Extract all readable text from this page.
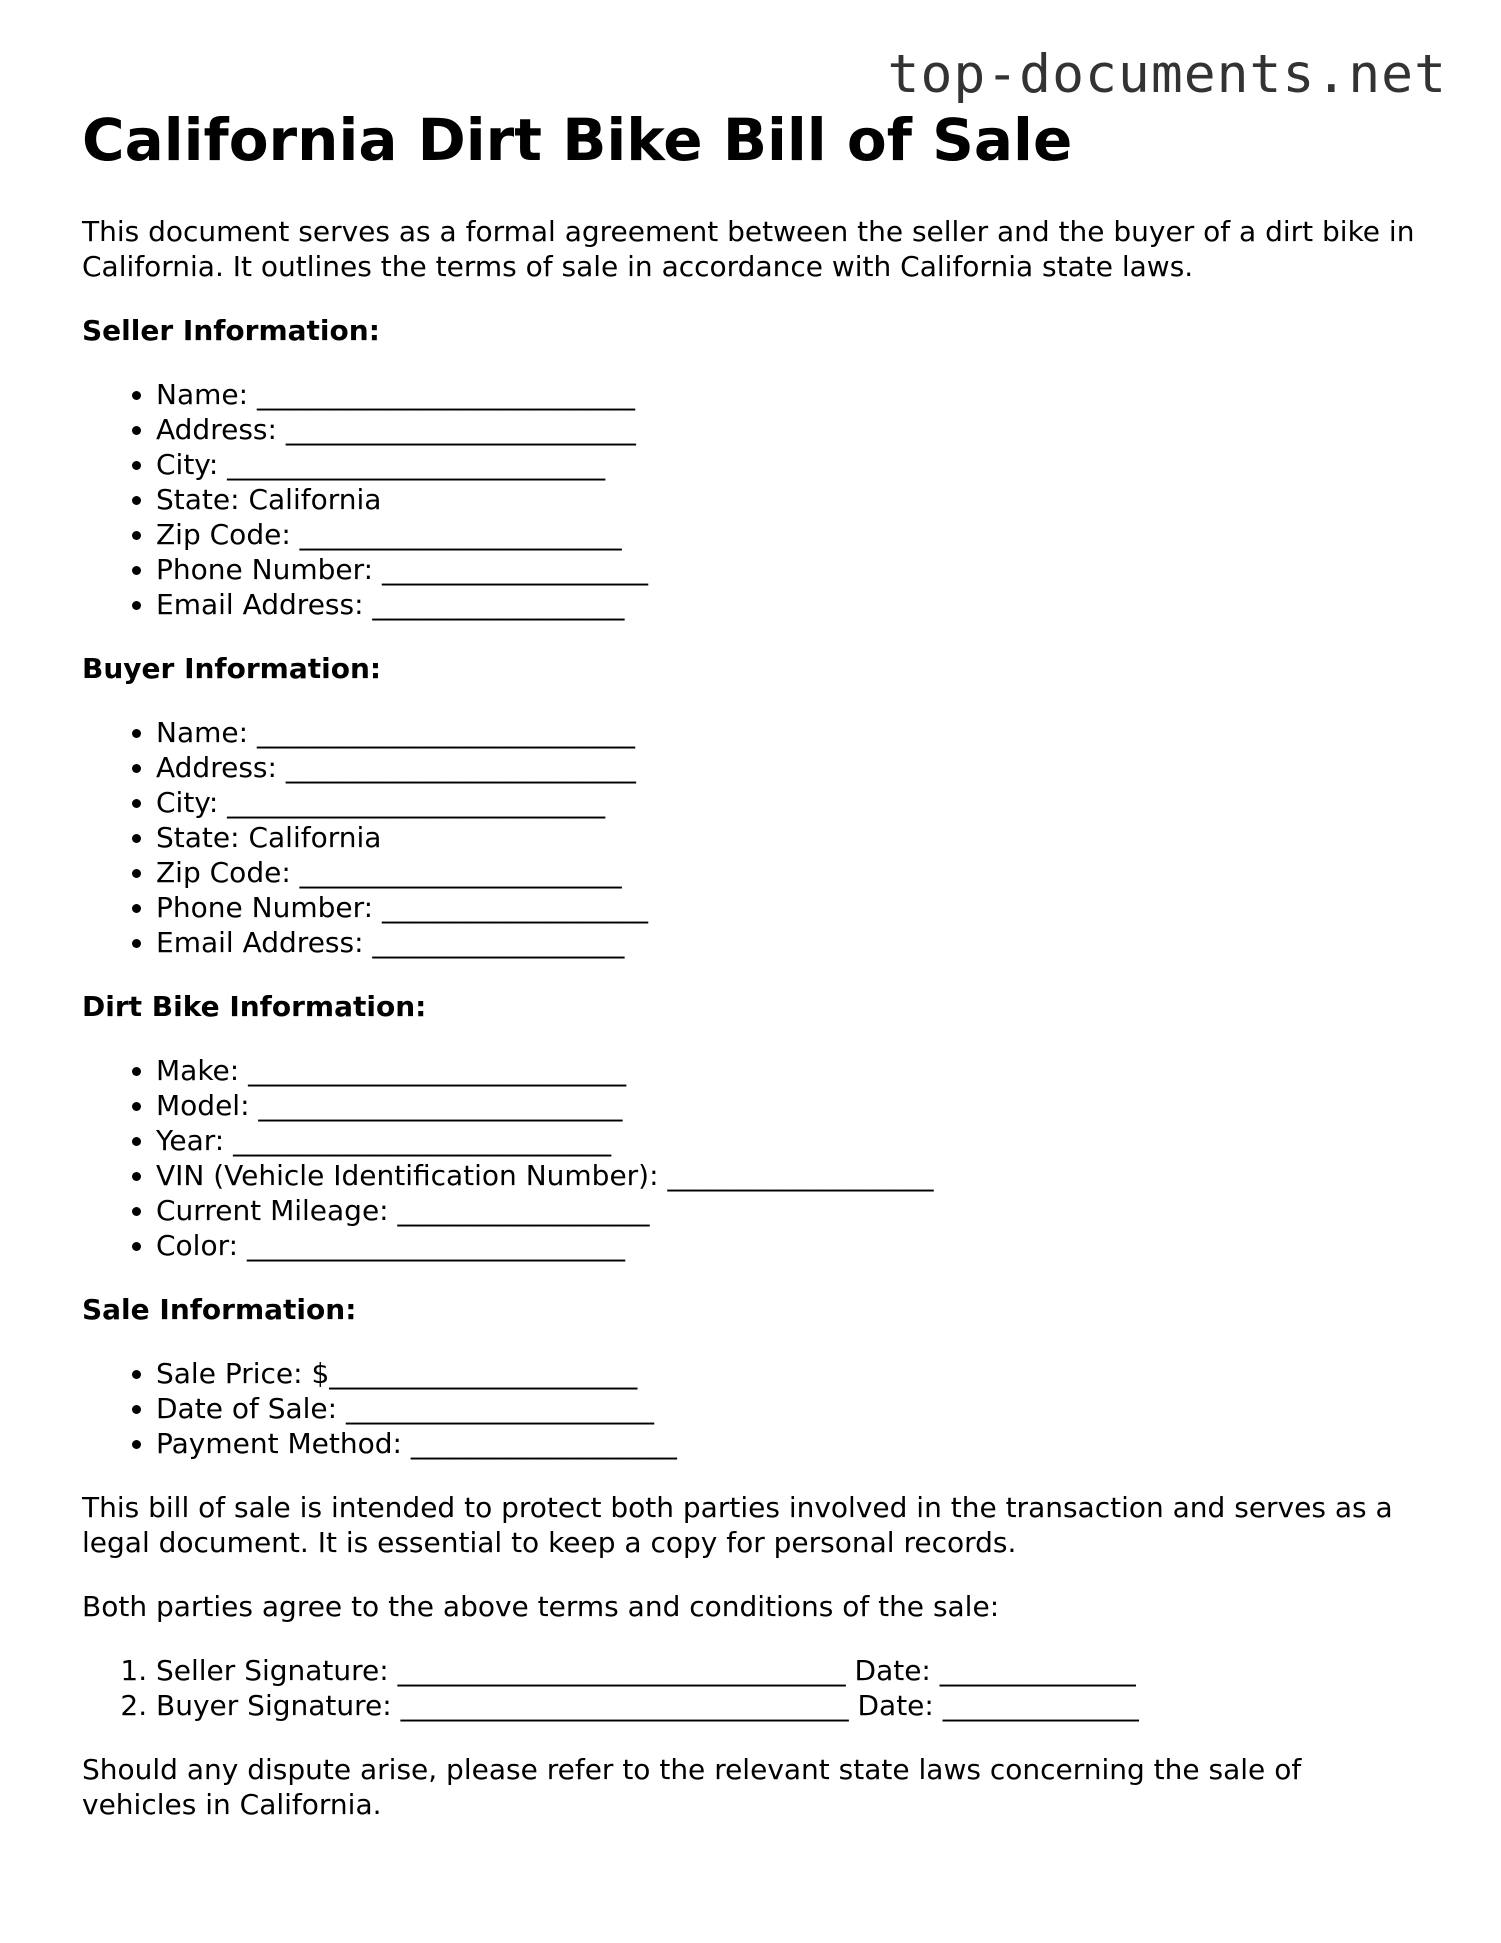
top-documents.net
California Dirt Bike Bill of Sale

This document serves as a formal agreement between the seller and the buyer of a dirt bike in California. It outlines the terms of sale in accordance with California state laws.

Seller Information:
• Name: ___________________________
• Address: _________________________
• City: ___________________________
• State: California
• Zip Code: _______________________
• Phone Number: ___________________
• Email Address: __________________
Buyer Information:
• Name: ___________________________
• Address: _________________________
• City: ___________________________
• State: California
• Zip Code: _______________________
• Phone Number: ___________________
• Email Address: __________________
Dirt Bike Information:
• Make: ___________________________
• Model: __________________________
• Year: ___________________________
• VIN (Vehicle Identification Number): ___________________
• Current Mileage: __________________
• Color: ___________________________
Sale Information:
• Sale Price: $______________________
• Date of Sale: ______________________
• Payment Method: ___________________

This bill of sale is intended to protect both parties involved in the transaction and serves as a legal document. It is essential to keep a copy for personal records.

Both parties agree to the above terms and conditions of the sale:

1. Seller Signature: ________________________________ Date: ______________
2. Buyer Signature: ________________________________ Date: ______________

Should any dispute arise, please refer to the relevant state laws concerning the sale of vehicles in California.
